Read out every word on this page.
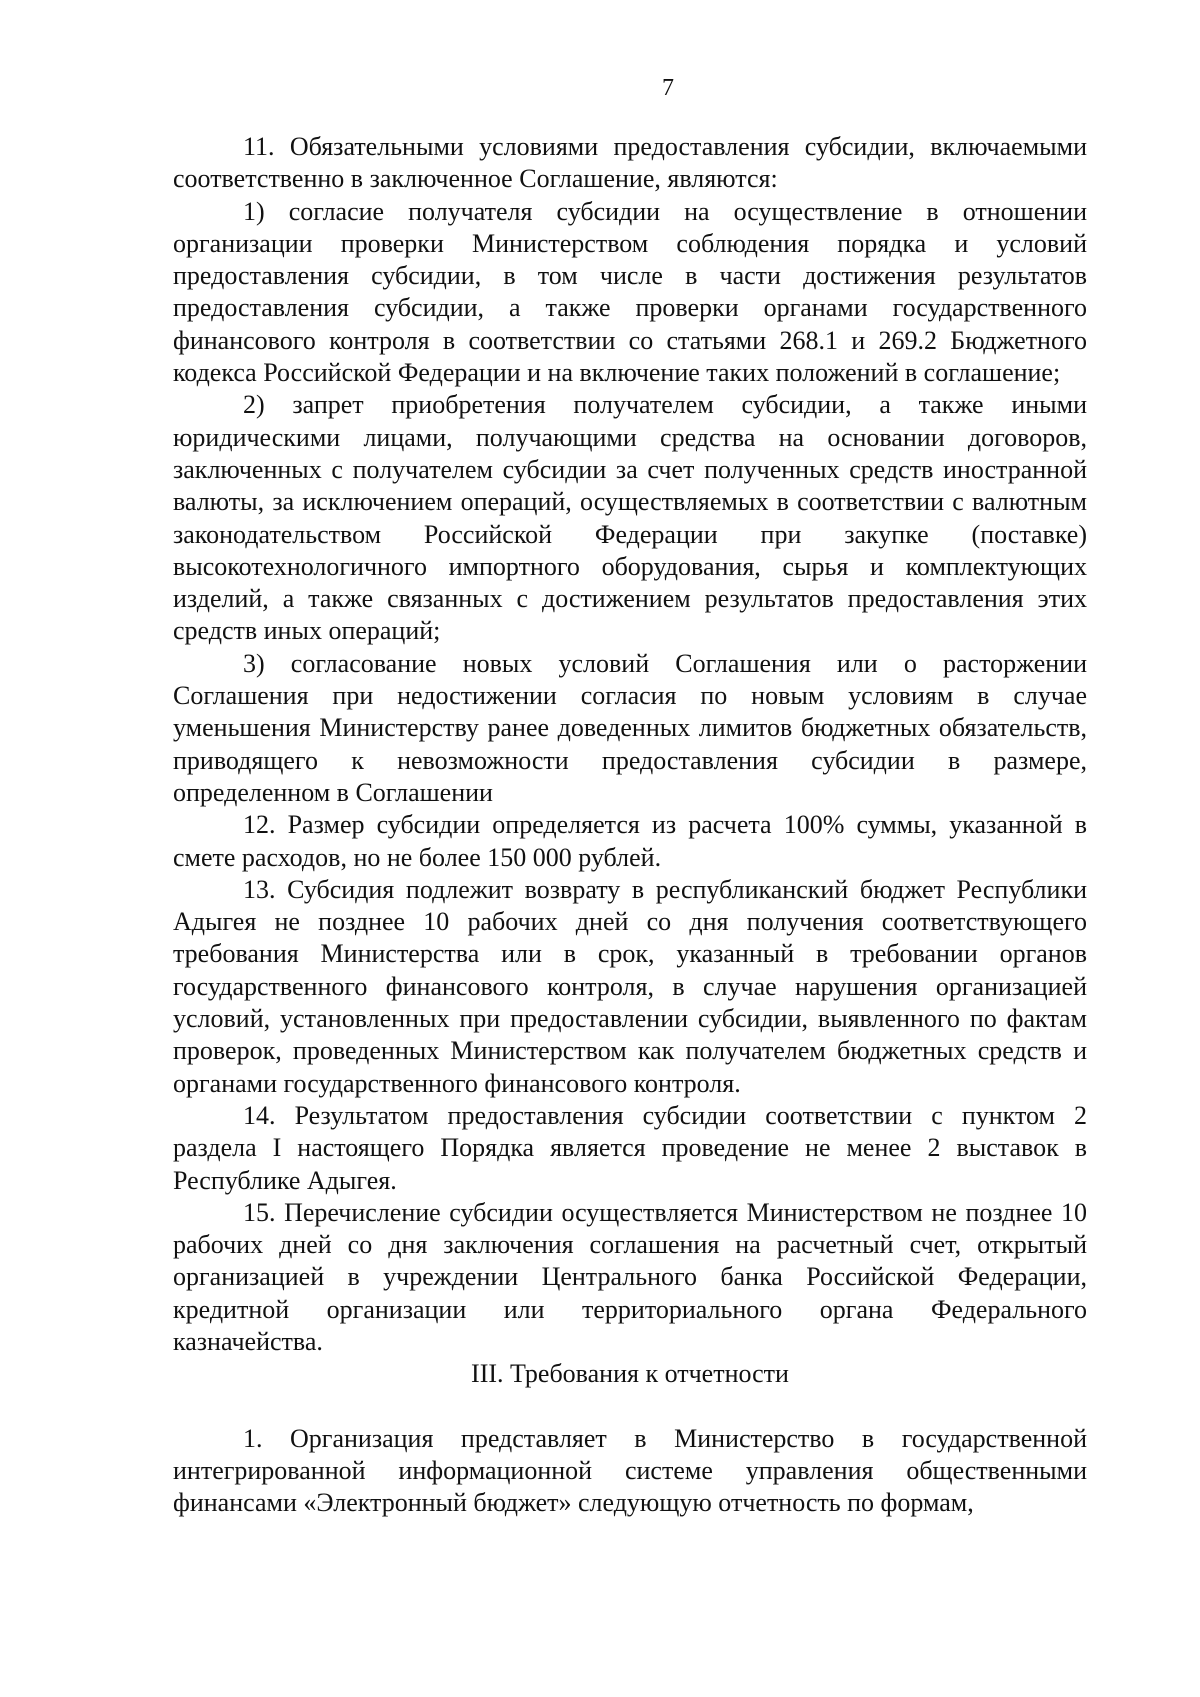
7

11. Обязательными условиями предоставления субсидии, включаемыми соответственно в заключенное Соглашение, являются:

1) согласие получателя субсидии на осуществление в отношении организации проверки Министерством соблюдения порядка и условий предоставления субсидии, в том числе в части достижения результатов предоставления субсидии, а также проверки органами государственного финансового контроля в соответствии со статьями 268.1 и 269.2 Бюджетного кодекса Российской Федерации и на включение таких положений в соглашение;

2) запрет приобретения получателем субсидии, а также иными юридическими лицами, получающими средства на основании договоров, заключенных с получателем субсидии за счет полученных средств иностранной валюты, за исключением операций, осуществляемых в соответствии с валютным законодательством Российской Федерации при закупке (поставке) высокотехнологичного импортного оборудования, сырья и комплектующих изделий, а также связанных с достижением результатов предоставления этих средств иных операций;

3) согласование новых условий Соглашения или о расторжении Соглашения при недостижении согласия по новым условиям в случае уменьшения Министерству ранее доведенных лимитов бюджетных обязательств, приводящего к невозможности предоставления субсидии в размере, определенном в Соглашении

12. Размер субсидии определяется из расчета 100% суммы, указанной в смете расходов, но не более 150 000 рублей.

13. Субсидия подлежит возврату в республиканский бюджет Республики Адыгея не позднее 10 рабочих дней со дня получения соответствующего требования Министерства или в срок, указанный в требовании органов государственного финансового контроля, в случае нарушения организацией условий, установленных при предоставлении субсидии, выявленного по фактам проверок, проведенных Министерством как получателем бюджетных средств и органами государственного финансового контроля.

14. Результатом предоставления субсидии соответствии с пунктом 2 раздела I настоящего Порядка является проведение не менее 2 выставок в Республике Адыгея.

15. Перечисление субсидии осуществляется Министерством не позднее 10 рабочих дней со дня заключения соглашения на расчетный счет, открытый организацией в учреждении Центрального банка Российской Федерации, кредитной организации или территориального органа Федерального казначейства.

III. Требования к отчетности

1. Организация представляет в Министерство в государственной интегрированной информационной системе управления общественными финансами «Электронный бюджет» следующую отчетность по формам,
